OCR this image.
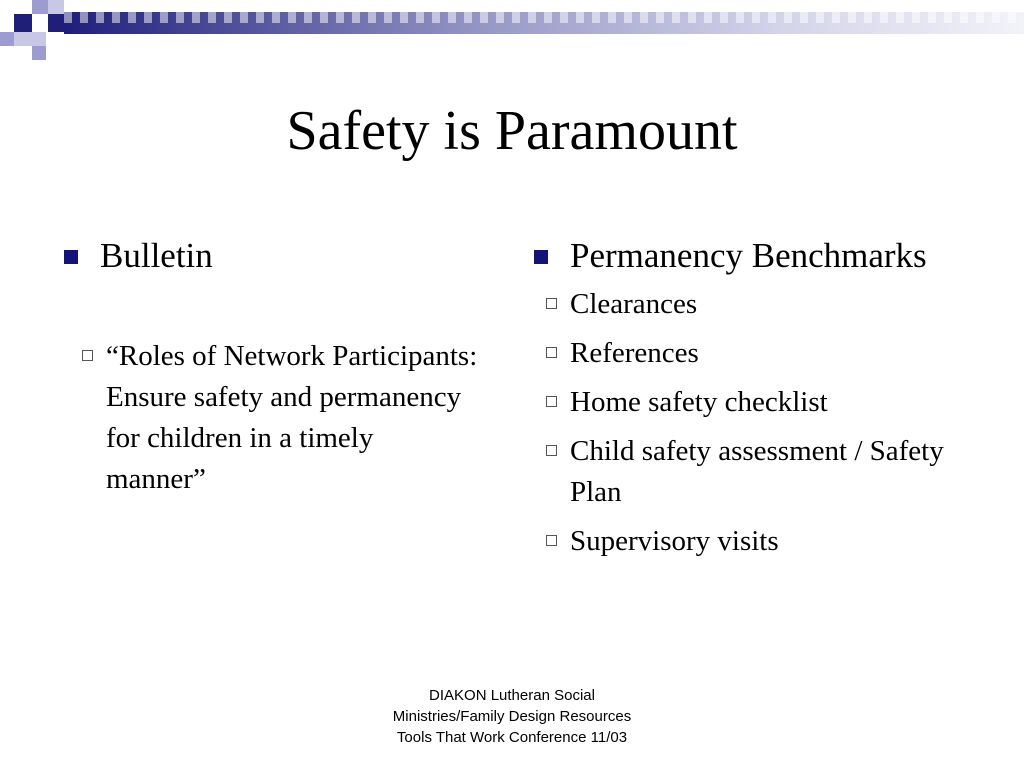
Safety is Paramount
Bulletin
“Roles of Network Participants: Ensure safety and permanency for children in a timely manner”
Permanency Benchmarks
Clearances
References
Home safety checklist
Child safety assessment / Safety Plan
Supervisory visits
DIAKON Lutheran Social
Ministries/Family Design Resources
Tools That Work Conference 11/03
